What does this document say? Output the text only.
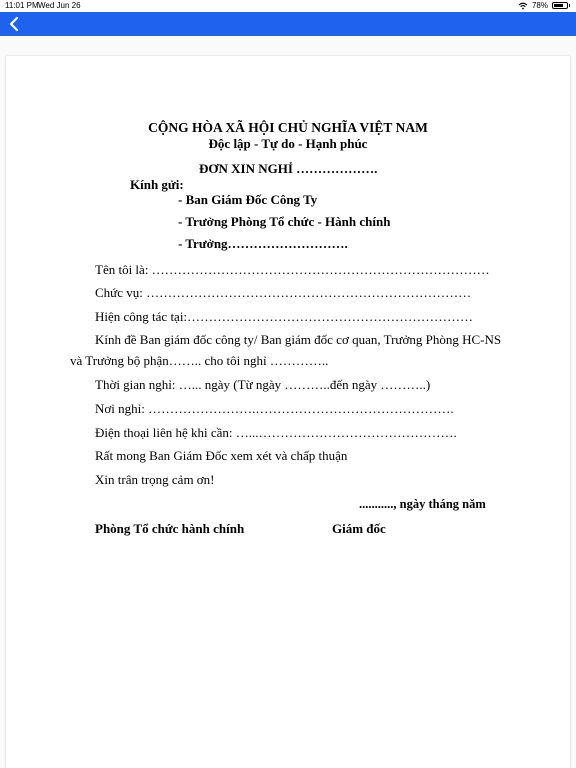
11:01 PM Wed Jun 26	78%
CỘNG HÒA XÃ HỘI CHỦ NGHĨA VIỆT NAM
Độc lập - Tự do - Hạnh phúc
ĐƠN XIN NGHỈ ……………….
Kính gửi:
- Ban Giám Đốc Công Ty
- Trưởng Phòng Tổ chức - Hành chính
- Trưởng……………………….
Tên tôi là: ……………………………………………………………………
Chức vụ: …………………………………………………………………
Hiện công tác tại:…………………………………………………………
Kính đề Ban giám đốc công ty/ Ban giám đốc cơ quan, Trưởng Phòng HC-NS
và Trưởng bộ phận…….. cho tôi nghỉ …………..
Thời gian nghỉ: …... ngày (Từ ngày ………..đến ngày ………..)
Nơi nghỉ: …………………….……………………………………….
Điện thoại liên hệ khi cần: …...……………………………………….
Rất mong Ban Giám Đốc xem xét và chấp thuận
Xin trân trọng cảm ơn!
..........., ngày tháng năm
Phòng Tổ chức hành chính	Giám đốc
